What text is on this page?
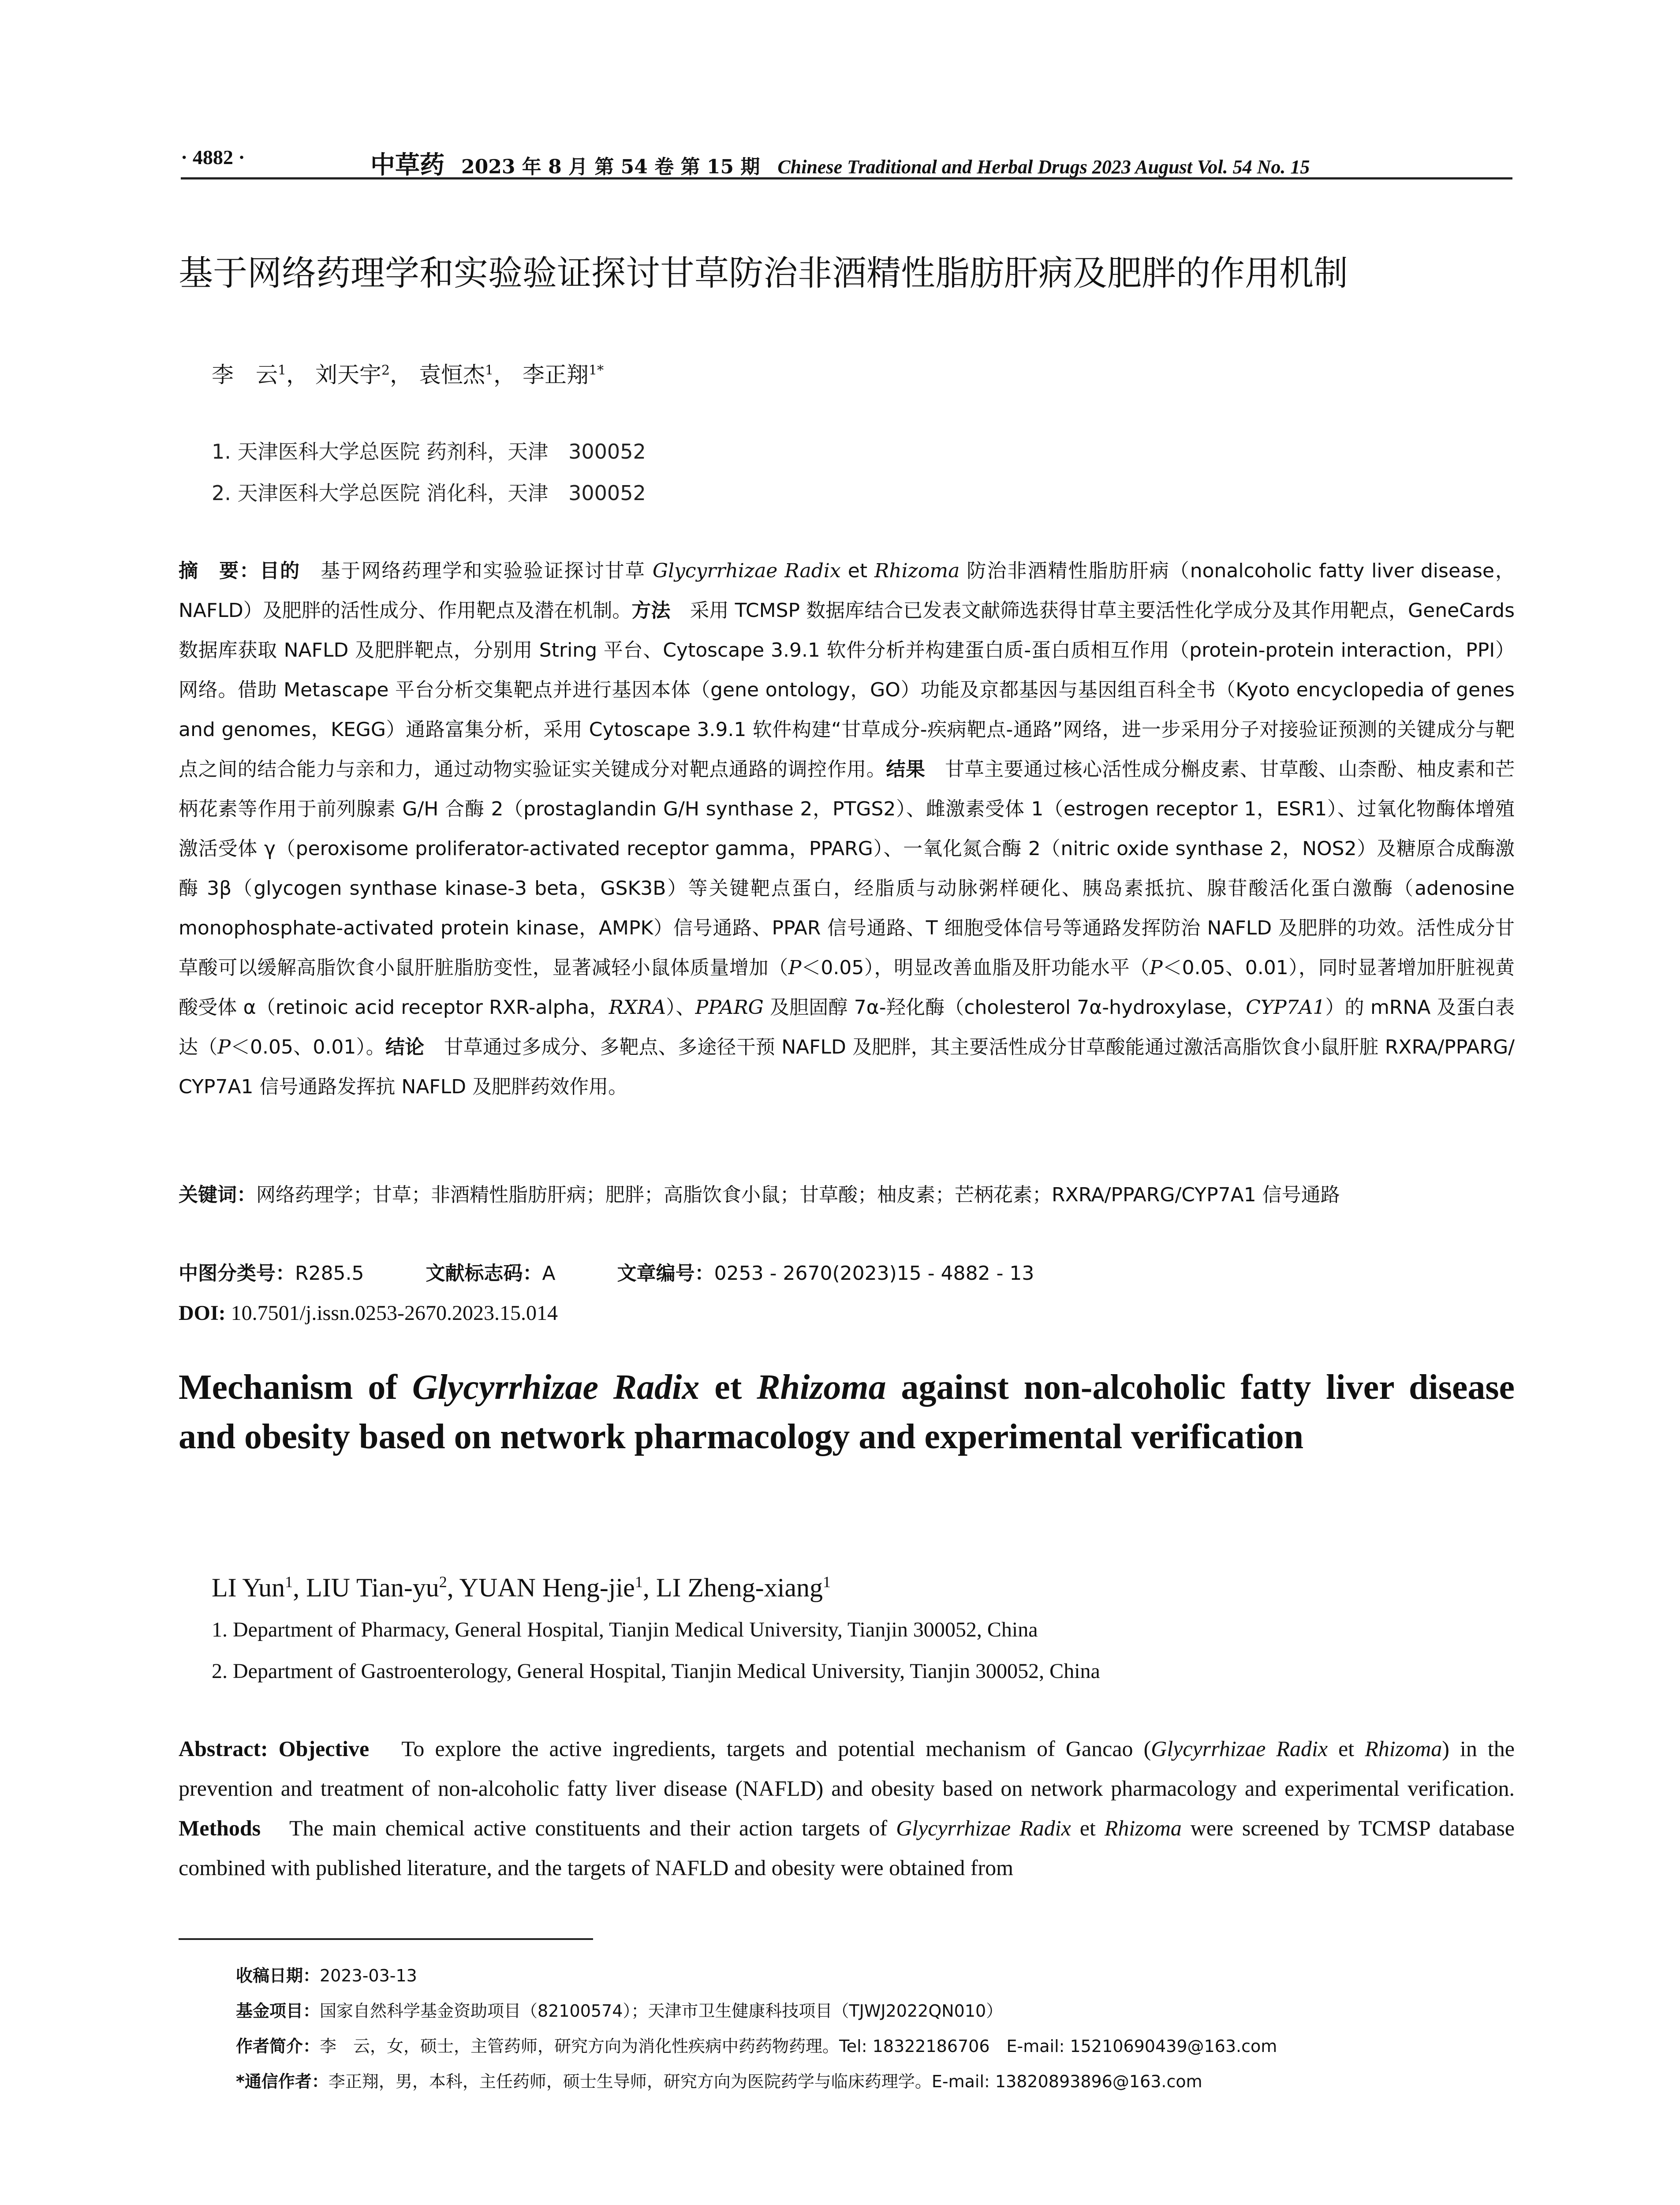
· 4882 ·	中草药 2023 年 8 月 第 54 卷 第 15 期 Chinese Traditional and Herbal Drugs 2023 August Vol. 54 No. 15
基于网络药理学和实验验证探讨甘草防治非酒精性脂肪肝病及肥胖的作用机制
李　云$^1$， 刘天宇$^2$， 袁恒杰$^1$， 李正翔$^{1*}$
1. 天津医科大学总医院 药剂科，天津　300052
2. 天津医科大学总医院 消化科，天津　300052
摘　要：目的　基于网络药理学和实验验证探讨甘草 Glycyrrhizae Radix et Rhizoma 防治非酒精性脂肪肝病（nonalcoholic fatty liver disease，NAFLD）及肥胖的活性成分、作用靶点及潜在机制。方法　采用 TCMSP 数据库结合已发表文献筛选获得甘草主要活性化学成分及其作用靶点，GeneCards 数据库获取 NAFLD 及肥胖靶点，分别用 String 平台、Cytoscape 3.9.1 软件分析并构建蛋白质-蛋白质相互作用（protein-protein interaction，PPI）网络。借助 Metascape 平台分析交集靶点并进行基因本体（gene ontology，GO）功能及京都基因与基因组百科全书（Kyoto encyclopedia of genes and genomes，KEGG）通路富集分析，采用 Cytoscape 3.9.1 软件构建“甘草成分-疾病靶点-通路”网络，进一步采用分子对接验证预测的关键成分与靶点之间的结合能力与亲和力，通过动物实验证实关键成分对靶点通路的调控作用。结果　甘草主要通过核心活性成分槲皮素、甘草酸、山柰酚、柚皮素和芒柄花素等作用于前列腺素 G/H 合酶 2（prostaglandin G/H synthase 2，PTGS2）、雌激素受体 1（estrogen receptor 1，ESR1）、过氧化物酶体增殖激活受体 γ（peroxisome proliferator-activated receptor gamma，PPARG）、一氧化氮合酶 2（nitric oxide synthase 2，NOS2）及糖原合成酶激酶 3β（glycogen synthase kinase-3 beta，GSK3B）等关键靶点蛋白，经脂质与动脉粥样硬化、胰岛素抵抗、腺苷酸活化蛋白激酶（adenosine monophosphate-activated protein kinase，AMPK）信号通路、PPAR 信号通路、T 细胞受体信号等通路发挥防治 NAFLD 及肥胖的功效。活性成分甘草酸可以缓解高脂饮食小鼠肝脏脂肪变性，显著减轻小鼠体质量增加（P＜0.05），明显改善血脂及肝功能水平（P＜0.05、0.01），同时显著增加肝脏视黄酸受体 α（retinoic acid receptor RXR-alpha，RXRA）、PPARG 及胆固醇 7α-羟化酶（cholesterol 7α-hydroxylase，CYP7A1）的 mRNA 及蛋白表达（P＜0.05、0.01）。结论　甘草通过多成分、多靶点、多途径干预 NAFLD 及肥胖，其主要活性成分甘草酸能通过激活高脂饮食小鼠肝脏 RXRA/PPARG/ CYP7A1 信号通路发挥抗 NAFLD 及肥胖药效作用。
关键词：网络药理学；甘草；非酒精性脂肪肝病；肥胖；高脂饮食小鼠；甘草酸；柚皮素；芒柄花素；RXRA/PPARG/CYP7A1 信号通路
中图分类号：R285.5	文献标志码：A	文章编号：0253 - 2670(2023)15 - 4882 - 13
DOI: 10.7501/j.issn.0253-2670.2023.15.014
Mechanism of Glycyrrhizae Radix et Rhizoma against non-alcoholic fatty liver disease and obesity based on network pharmacology and experimental verification
LI Yun$^1$, LIU Tian-$yu^2$, YUAN Heng-jie$^1$, LI Zheng-xiang$^1$
1. Department of Pharmacy, General Hospital, Tianjin Medical University, Tianjin 300052, China
2. Department of Gastroenterology, General Hospital, Tianjin Medical University, Tianjin 300052, China
Abstract: Objective　To explore the active ingredients, targets and potential mechanism of Gancao (Glycyrrhizae Radix et Rhizoma) in the prevention and treatment of non-alcoholic fatty liver disease (NAFLD) and obesity based on network pharmacology and experimental verification. Methods　The main chemical active constituents and their action targets of Glycyrrhizae Radix et Rhizoma were screened by TCMSP database combined with published literature, and the targets of NAFLD and obesity were obtained from
收稿日期：2023-03-13
基金项目：国家自然科学基金资助项目（82100574）；天津市卫生健康科技项目（TJWJ2022QN010）
作者简介：李　云，女，硕士，主管药师，研究方向为消化性疾病中药药物药理。Tel: 18322186706　E-mail: 15210690439@163.com
*通信作者：李正翔，男，本科，主任药师，硕士生导师，研究方向为医院药学与临床药理学。E-mail: 13820893896@163.com
